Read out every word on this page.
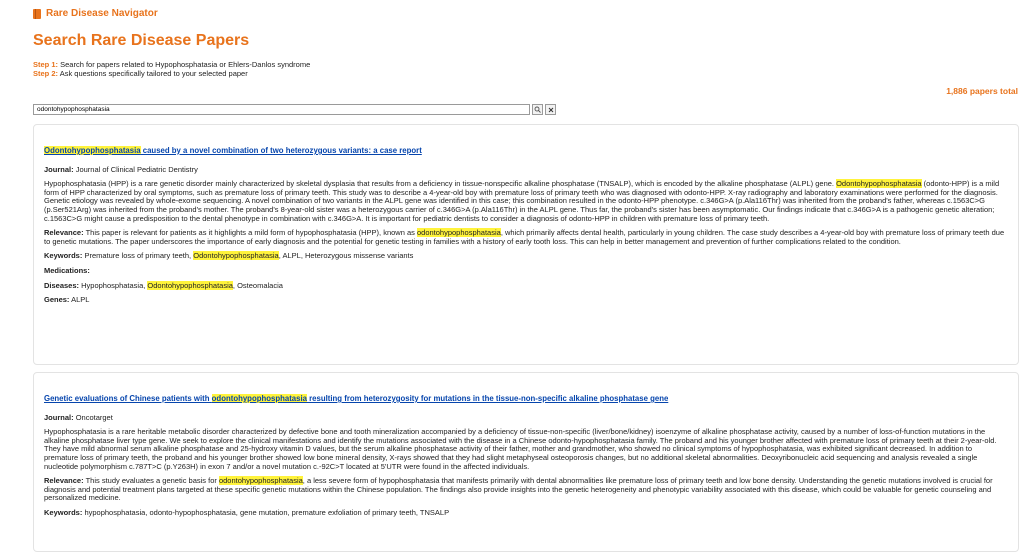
Rare Disease Navigator
Search Rare Disease Papers
Step 1: Search for papers related to Hypophosphatasia or Ehlers-Danlos syndrome
Step 2: Ask questions specifically tailored to your selected paper
1,886 papers total
odontohypophosphatasia
Odontohypophosphatasia caused by a novel combination of two heterozygous variants: a case report

Journal: Journal of Clinical Pediatric Dentistry

Hypophosphatasia (HPP) is a rare genetic disorder mainly characterized by skeletal dysplasia that results from a deficiency in tissue-nonspecific alkaline phosphatase (TNSALP), which is encoded by the alkaline phosphatase (ALPL) gene. Odontohypophosphatasia (odonto-HPP) is a mild form of HPP characterized by oral symptoms, such as premature loss of primary teeth. This study was to describe a 4-year-old boy with premature loss of primary teeth who was diagnosed with odonto-HPP. X-ray radiography and laboratory examinations were performed for the diagnosis. Genetic etiology was revealed by whole-exome sequencing. A novel combination of two variants in the ALPL gene was identified in this case; this combination resulted in the odonto-HPP phenotype. c.346G>A (p.Ala116Thr) was inherited from the proband's father, whereas c.1563C>G (p.Ser521Arg) was inherited from the proband's mother. The proband's 8-year-old sister was a heterozygous carrier of c.346G>A (p.Ala116Thr) in the ALPL gene. Thus far, the proband's sister has been asymptomatic. Our findings indicate that c.346G>A is a pathogenic genetic alteration; c.1563C>G might cause a predisposition to the dental phenotype in combination with c.346G>A. It is important for pediatric dentists to consider a diagnosis of odonto-HPP in children with premature loss of primary teeth.

Relevance: This paper is relevant for patients as it highlights a mild form of hypophosphatasia (HPP), known as odontohypophosphatasia, which primarily affects dental health, particularly in young children. The case study describes a 4-year-old boy with premature loss of primary teeth due to genetic mutations. The paper underscores the importance of early diagnosis and the potential for genetic testing in families with a history of early tooth loss. This can help in better management and prevention of further complications related to the condition.

Keywords: Premature loss of primary teeth, Odontohypophosphatasia, ALPL, Heterozygous missense variants

Medications:

Diseases: Hypophosphatasia, Odontohypophosphatasia, Osteomalacia

Genes: ALPL

Genetic evaluations of Chinese patients with odontohypophosphatasia resulting from heterozygosity for mutations in the tissue-non-specific alkaline phosphatase gene

Journal: Oncotarget

Hypophosphatasia is a rare heritable metabolic disorder characterized by defective bone and tooth mineralization accompanied by a deficiency of tissue-non-specific (liver/bone/kidney) isoenzyme of alkaline phosphatase activity, caused by a number of loss-of-function mutations in the alkaline phosphatase liver type gene. We seek to explore the clinical manifestations and identify the mutations associated with the disease in a Chinese odonto-hypophosphatasia family. The proband and his younger brother affected with premature loss of primary teeth at their 2-year-old. They have mild abnormal serum alkaline phosphatase and 25-hydroxy vitamin D values, but the serum alkaline phosphatase activity of their father, mother and grandmother, who showed no clinical symptoms of hypophosphatasia, was exhibited significant decreased. In addition to premature loss of primary teeth, the proband and his younger brother showed low bone mineral density, X-rays showed that they had slight metaphyseal osteoporosis changes, but no additional skeletal abnormalities. Deoxyribonucleic acid sequencing and analysis revealed a single nucleotide polymorphism c.787T>C (p.Y263H) in exon 7 and/or a novel mutation c.-92C>T located at 5'UTR were found in the affected individuals.

Relevance: This study evaluates a genetic basis for odontohypophosphatasia, a less severe form of hypophosphatasia that manifests primarily with dental abnormalities like premature loss of primary teeth and low bone density. Understanding the genetic mutations involved is crucial for diagnosis and potential treatment plans targeted at these specific genetic mutations within the Chinese population. The findings also provide insights into the genetic heterogeneity and phenotypic variability associated with this disease, which could be valuable for genetic counseling and personalized medicine.

Keywords: hypophosphatasia, odonto-hypophosphatasia, gene mutation, premature exfoliation of primary teeth, TNSALP
